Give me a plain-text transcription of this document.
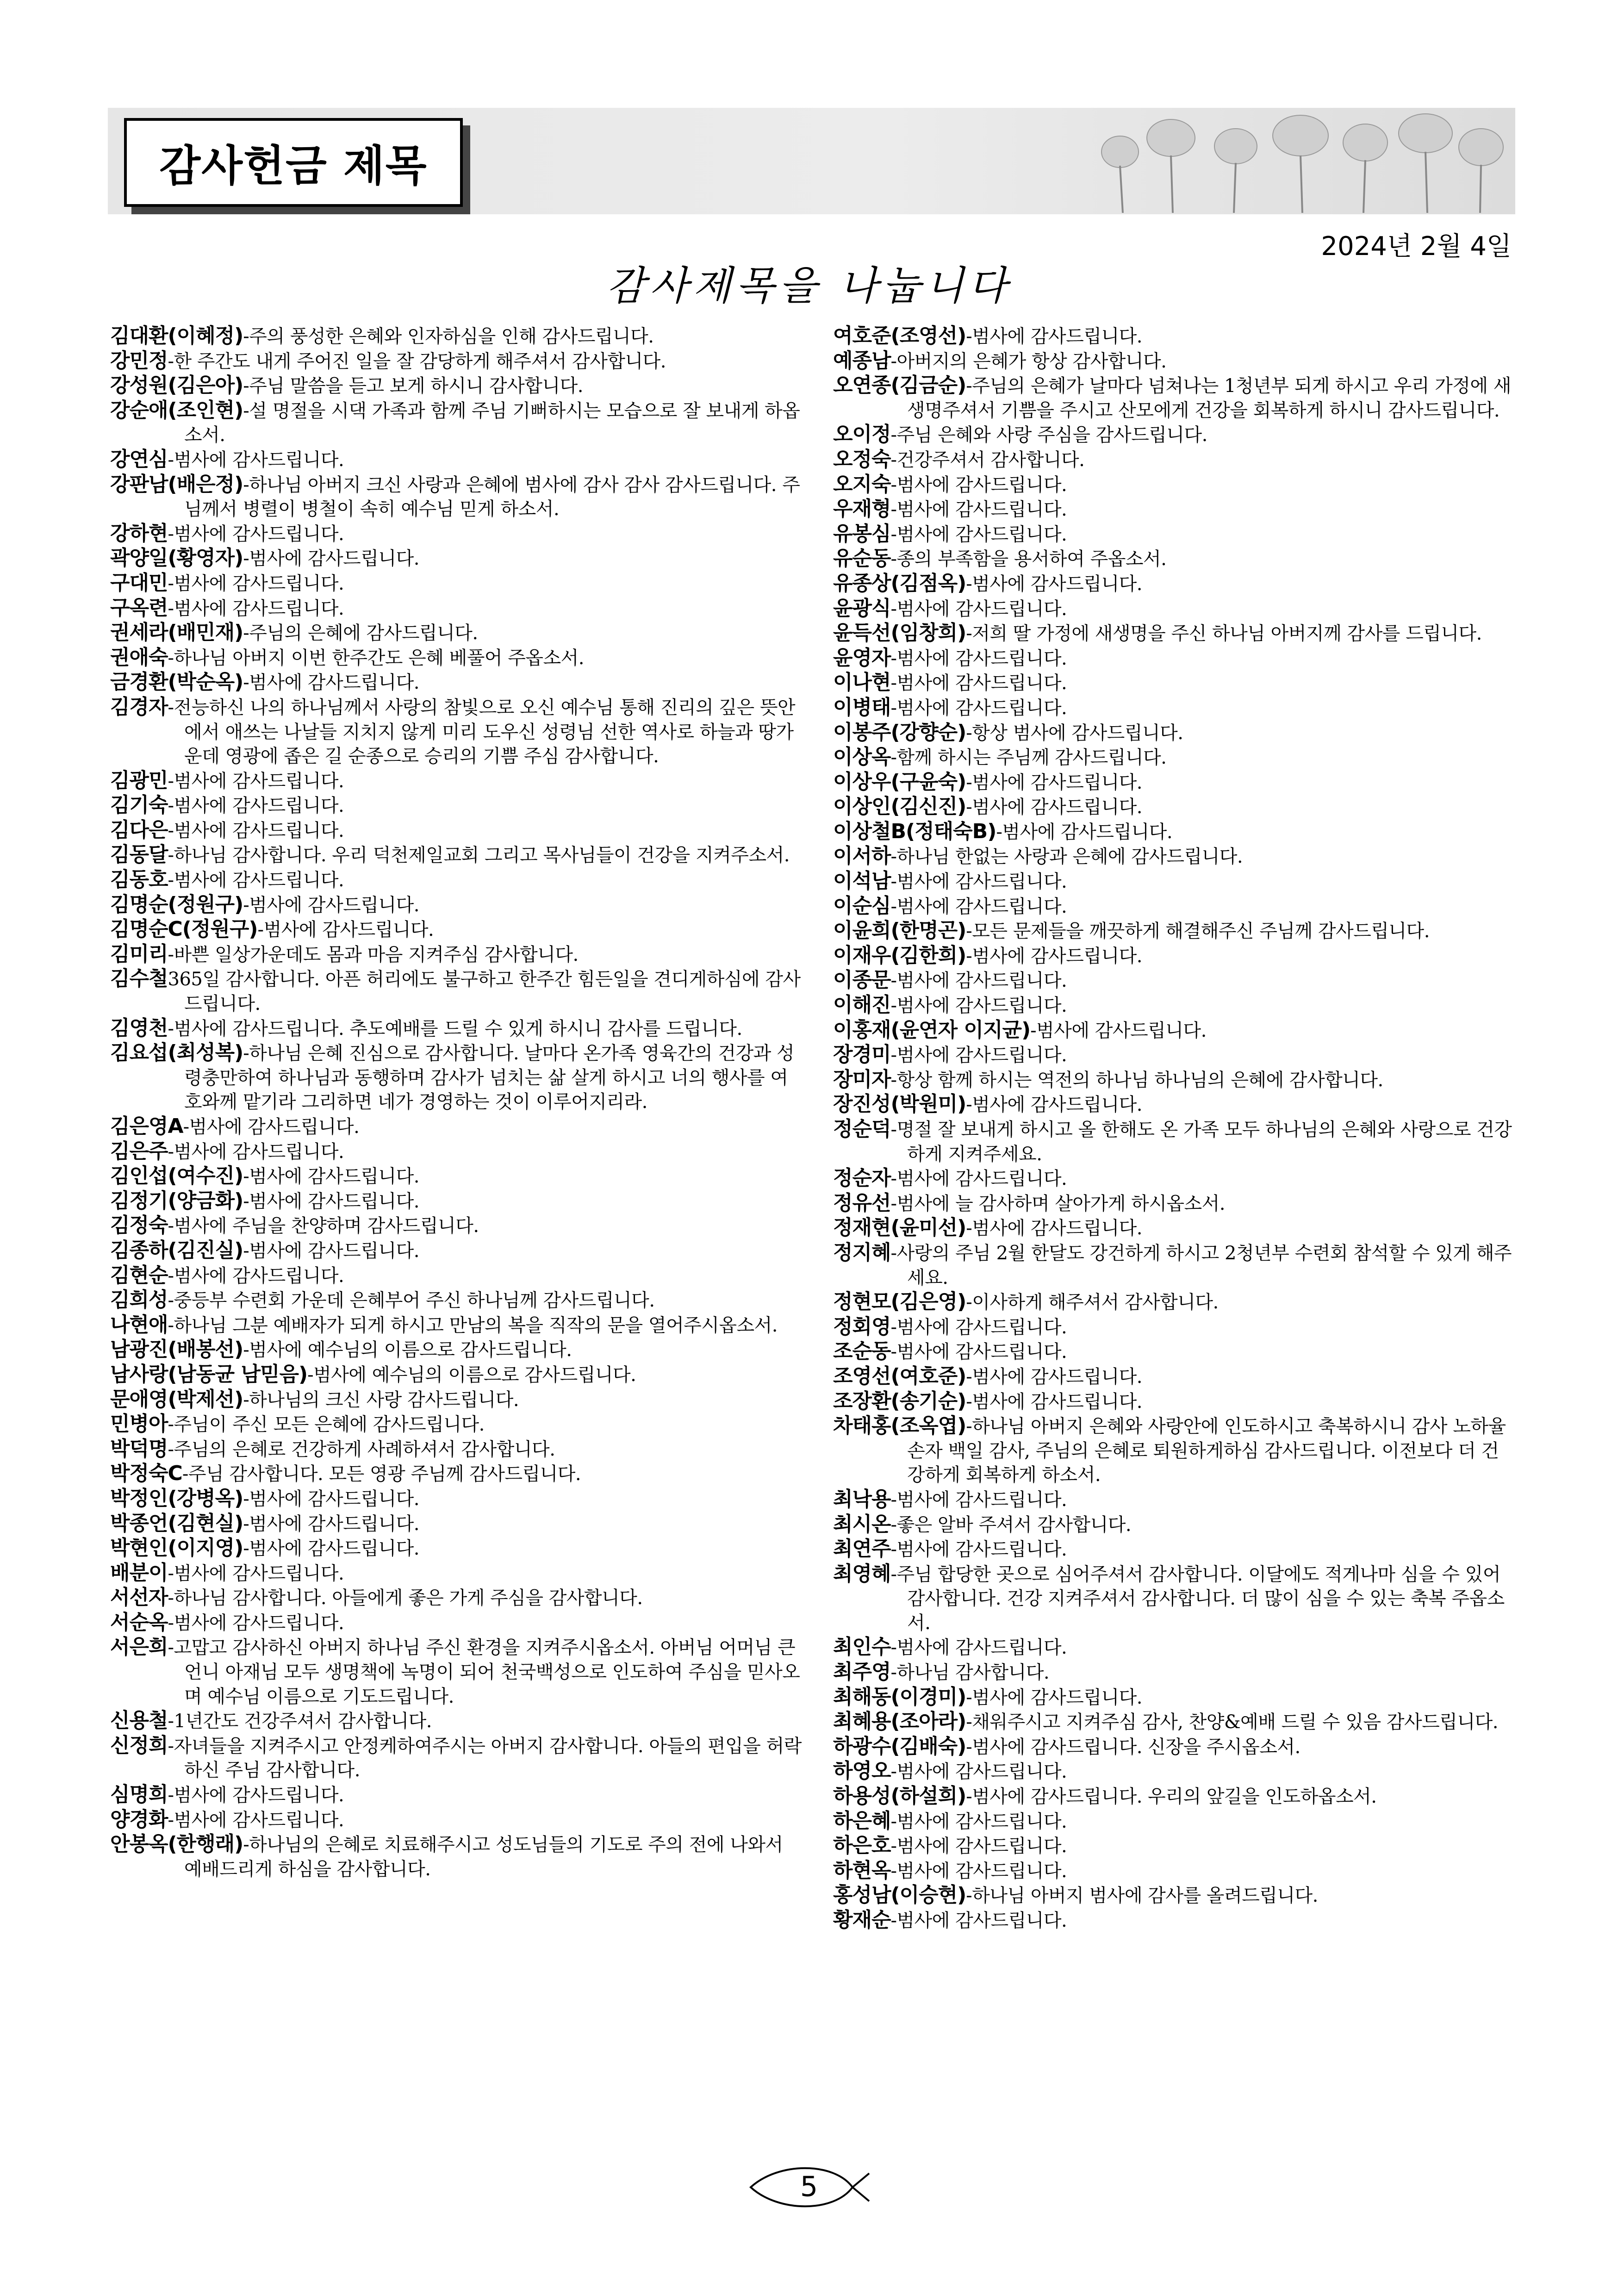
감사헌금 제목
2024년 2월 4일
감사제목을 나눕니다

김대환(이혜정)-주의 풍성한 은혜와 인자하심을 인해 감사드립니다.

강민정-한 주간도 내게 주어진 일을 잘 감당하게 해주셔서 감사합니다.

강성원(김은아)-주님 말씀을 듣고 보게 하시니 감사합니다.

강순애(조인현)-설 명절을 시댁 가족과 함께 주님 기뻐하시는 모습으로 잘 보내게 하옵소서.

강연심-범사에 감사드립니다.

강판남(배은정)-하나님 아버지 크신 사랑과 은혜에 범사에 감사 감사 감사드립니다. 주님께서 병렬이 병철이 속히 예수님 믿게 하소서.

강하현-범사에 감사드립니다.

곽양일(황영자)-범사에 감사드립니다.

구대민-범사에 감사드립니다.

구옥련-범사에 감사드립니다.

권세라(배민재)-주님의 은혜에 감사드립니다.

권애숙-하나님 아버지 이번 한주간도 은혜 베풀어 주옵소서.

금경환(박순옥)-범사에 감사드립니다.

김경자-전능하신 나의 하나님께서 사랑의 참빛으로 오신 예수님 통해 진리의 깊은 뜻안에서 애쓰는 나날들 지치지 않게 미리 도우신 성령님 선한 역사로 하늘과 땅가운데 영광에 좁은 길 순종으로 승리의 기쁨 주심 감사합니다.

김광민-범사에 감사드립니다.

김기숙-범사에 감사드립니다.

김다은-범사에 감사드립니다.

김동달-하나님 감사합니다. 우리 덕천제일교회 그리고 목사님들이 건강을 지켜주소서.

김동호-범사에 감사드립니다.

김명순(정원구)-범사에 감사드립니다.

김명순C(정원구)-범사에 감사드립니다.

김미리-바쁜 일상가운데도 몸과 마음 지켜주심 감사합니다.

김수철365일 감사합니다. 아픈 허리에도 불구하고 한주간 힘든일을 견디게하심에 감사드립니다.

김영천-범사에 감사드립니다. 추도예배를 드릴 수 있게 하시니 감사를 드립니다.

김요섭(최성복)-하나님 은혜 진심으로 감사합니다. 날마다 온가족 영육간의 건강과 성령충만하여 하나님과 동행하며 감사가 넘치는 삶 살게 하시고 너의 행사를 여호와께 맡기라 그리하면 네가 경영하는 것이 이루어지리라.

김은영A-범사에 감사드립니다.

김은주-범사에 감사드립니다.

김인섭(여수진)-범사에 감사드립니다.

김정기(양금화)-범사에 감사드립니다.

김정숙-범사에 주님을 찬양하며 감사드립니다.

김종하(김진실)-범사에 감사드립니다.

김현순-범사에 감사드립니다.

김희성-중등부 수련회 가운데 은혜부어 주신 하나님께 감사드립니다.

나현애-하나님 그분 예배자가 되게 하시고 만남의 복을 직작의 문을 열어주시옵소서.

남광진(배봉선)-범사에 예수님의 이름으로 감사드립니다.

남사랑(남동균 남믿음)-범사에 예수님의 이름으로 감사드립니다.

문애영(박제선)-하나님의 크신 사랑 감사드립니다.

민병아-주님이 주신 모든 은혜에 감사드립니다.

박덕명-주님의 은혜로 건강하게 사례하셔서 감사합니다.

박정숙C-주님 감사합니다. 모든 영광 주님께 감사드립니다.

박정인(강병옥)-범사에 감사드립니다.

박종언(김현실)-범사에 감사드립니다.

박현인(이지영)-범사에 감사드립니다.

배분이-범사에 감사드립니다.

서선자-하나님 감사합니다. 아들에게 좋은 가게 주심을 감사합니다.

서순옥-범사에 감사드립니다.

서은희-고맙고 감사하신 아버지 하나님 주신 환경을 지켜주시옵소서. 아버님 어머님 큰언니 아재님 모두 생명책에 녹명이 되어 천국백성으로 인도하여 주심을 믿사오며 예수님 이름으로 기도드립니다.

신용철-1년간도 건강주셔서 감사합니다.

신정희-자녀들을 지켜주시고 안정케하여주시는 아버지 감사합니다. 아들의 편입을 허락하신 주님 감사합니다.

심명희-범사에 감사드립니다.

양경화-범사에 감사드립니다.

안봉옥(한행래)-하나님의 은혜로 치료해주시고 성도님들의 기도로 주의 전에 나와서 예배드리게 하심을 감사합니다.

여호준(조영선)-범사에 감사드립니다.

예종남-아버지의 은혜가 항상 감사합니다.

오연종(김금순)-주님의 은혜가 날마다 넘쳐나는 1청년부 되게 하시고 우리 가정에 새생명주셔서 기쁨을 주시고 산모에게 건강을 회복하게 하시니 감사드립니다.

오이정-주님 은혜와 사랑 주심을 감사드립니다.

오정숙-건강주셔서 감사합니다.

오지숙-범사에 감사드립니다.

우재형-범사에 감사드립니다.

유봉심-범사에 감사드립니다.

유순동-종의 부족함을 용서하여 주옵소서.

유종상(김점옥)-범사에 감사드립니다.

윤광식-범사에 감사드립니다.

윤득선(임창희)-저희 딸 가정에 새생명을 주신 하나님 아버지께 감사를 드립니다.

윤영자-범사에 감사드립니다.

이나현-범사에 감사드립니다.

이병태-범사에 감사드립니다.

이봉주(강향순)-항상 범사에 감사드립니다.

이상옥-함께 하시는 주님께 감사드립니다.

이상우(구윤숙)-범사에 감사드립니다.

이상인(김신진)-범사에 감사드립니다.

이상철B(정태숙B)-범사에 감사드립니다.

이서하-하나님 한없는 사랑과 은혜에 감사드립니다.

이석남-범사에 감사드립니다.

이순심-범사에 감사드립니다.

이윤희(한명곤)-모든 문제들을 깨끗하게 해결해주신 주님께 감사드립니다.

이재우(김한희)-범사에 감사드립니다.

이종문-범사에 감사드립니다.

이해진-범사에 감사드립니다.

이홍재(윤연자 이지균)-범사에 감사드립니다.

장경미-범사에 감사드립니다.

장미자-항상 함께 하시는 역전의 하나님 하나님의 은혜에 감사합니다.

장진성(박원미)-범사에 감사드립니다.

정순덕-명절 잘 보내게 하시고 올 한해도 온 가족 모두 하나님의 은혜와 사랑으로 건강하게 지켜주세요.

정순자-범사에 감사드립니다.

정유선-범사에 늘 감사하며 살아가게 하시옵소서.

정재현(윤미선)-범사에 감사드립니다.

정지혜-사랑의 주님 2월 한달도 강건하게 하시고 2청년부 수련회 참석할 수 있게 해주세요.

정현모(김은영)-이사하게 해주셔서 감사합니다.

정회영-범사에 감사드립니다.

조순동-범사에 감사드립니다.

조영선(여호준)-범사에 감사드립니다.

조장환(송기순)-범사에 감사드립니다.

차태홍(조옥엽)-하나님 아버지 은혜와 사랑안에 인도하시고 축복하시니 감사 노하율 손자 백일 감사, 주님의 은혜로 퇴원하게하심 감사드립니다. 이전보다 더 건강하게 회복하게 하소서.

최낙용-범사에 감사드립니다.

최시온-좋은 알바 주셔서 감사합니다.

최연주-범사에 감사드립니다.

최영혜-주님 합당한 곳으로 심어주셔서 감사합니다. 이달에도 적게나마 심을 수 있어 감사합니다. 건강 지켜주셔서 감사합니다. 더 많이 심을 수 있는 축복 주옵소서.

최인수-범사에 감사드립니다.

최주영-하나님 감사합니다.

최해동(이경미)-범사에 감사드립니다.

최혜용(조아라)-채워주시고 지켜주심 감사, 찬양&예배 드릴 수 있음 감사드립니다.

하광수(김배숙)-범사에 감사드립니다. 신장을 주시옵소서.

하영오-범사에 감사드립니다.

하용성(하설희)-범사에 감사드립니다. 우리의 앞길을 인도하옵소서.

하은혜-범사에 감사드립니다.

하은호-범사에 감사드립니다.

하현옥-범사에 감사드립니다.

홍성남(이승현)-하나님 아버지 범사에 감사를 올려드립니다.

황재순-범사에 감사드립니다.

5
